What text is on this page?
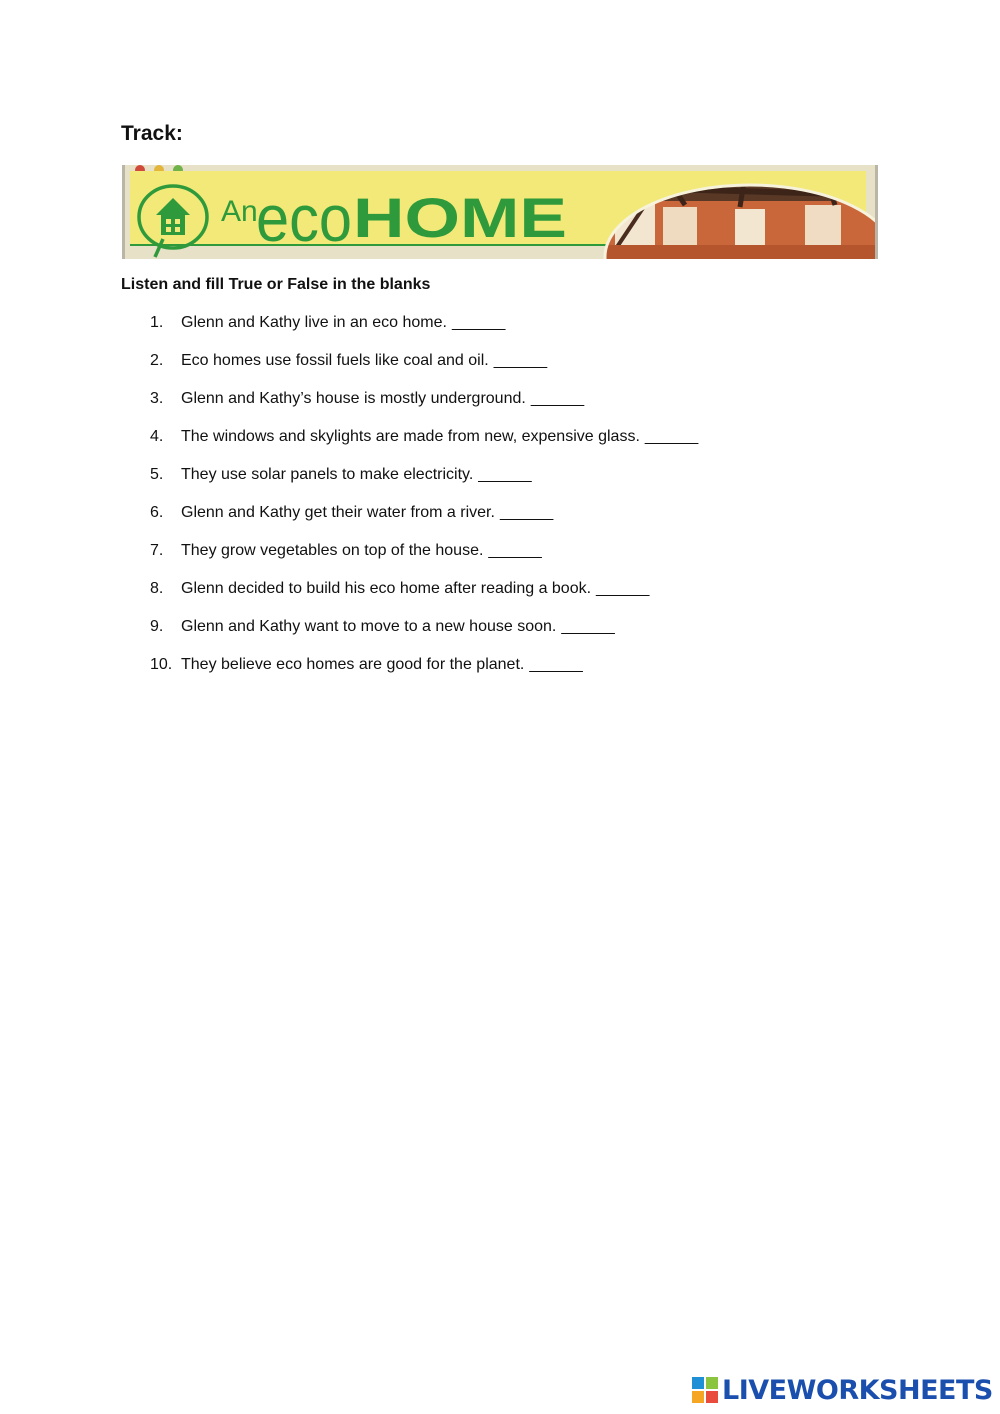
Track:
An
eco HOME
Listen and fill True or False in the blanks
1.	Glenn and Kathy live in an eco home. ______
2.	Eco homes use fossil fuels like coal and oil. ______
3.	Glenn and Kathy’s house is mostly underground. ______
4.	The windows and skylights are made from new, expensive glass. ______
5.	They use solar panels to make electricity. ______
6.	Glenn and Kathy get their water from a river. ______
7.	They grow vegetables on top of the house. ______
8.	Glenn decided to build his eco home after reading a book. ______
9.	Glenn and Kathy want to move to a new house soon. ______
10. They believe eco homes are good for the planet. ______
LIVEWORKSHEETS
